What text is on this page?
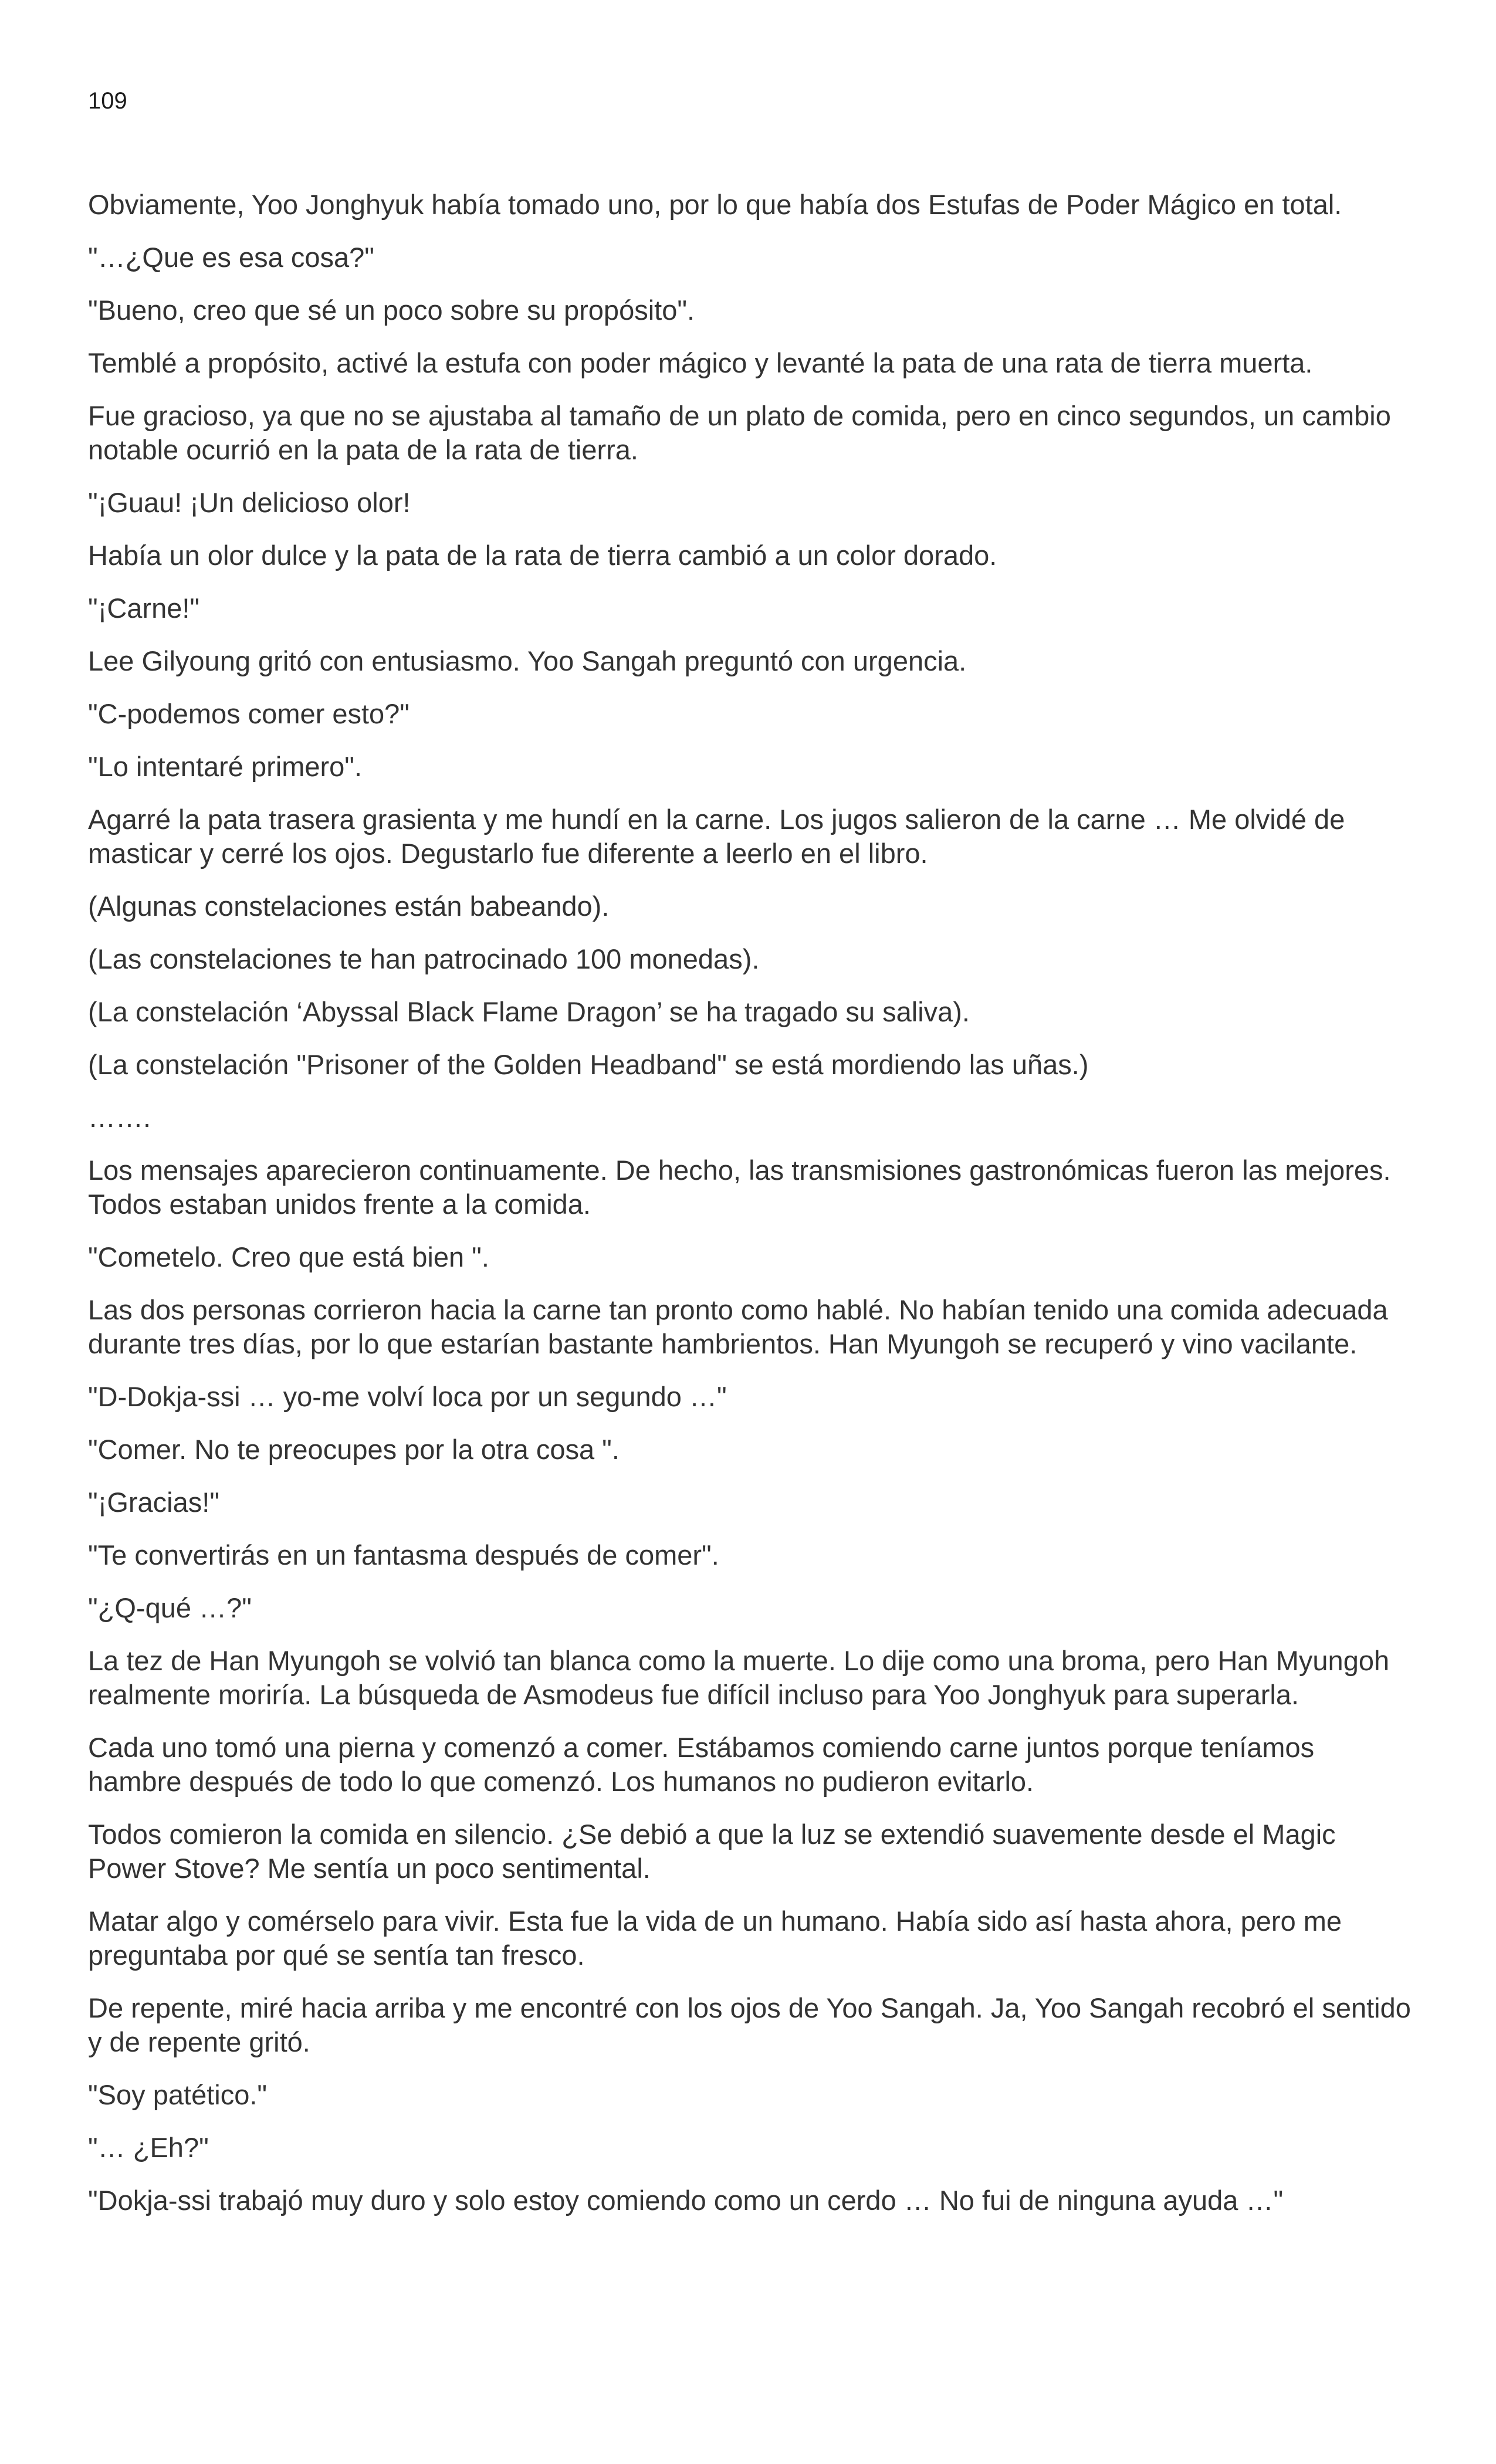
109

Obviamente, Yoo Jonghyuk había tomado uno, por lo que había dos Estufas de Poder Mágico en total.

"…¿Que es esa cosa?"

"Bueno, creo que sé un poco sobre su propósito".

Temblé a propósito, activé la estufa con poder mágico y levanté la pata de una rata de tierra muerta.

Fue gracioso, ya que no se ajustaba al tamaño de un plato de comida, pero en cinco segundos, un cambio notable ocurrió en la pata de la rata de tierra.

"¡Guau! ¡Un delicioso olor!

Había un olor dulce y la pata de la rata de tierra cambió a un color dorado.

"¡Carne!"

Lee Gilyoung gritó con entusiasmo. Yoo Sangah preguntó con urgencia.

"C-podemos comer esto?"

"Lo intentaré primero".

Agarré la pata trasera grasienta y me hundí en la carne. Los jugos salieron de la carne … Me olvidé de masticar y cerré los ojos. Degustarlo fue diferente a leerlo en el libro.

(Algunas constelaciones están babeando).

(Las constelaciones te han patrocinado 100 monedas).

(La constelación ‘Abyssal Black Flame Dragon’ se ha tragado su saliva).

(La constelación "Prisoner of the Golden Headband" se está mordiendo las uñas.)

…….

Los mensajes aparecieron continuamente. De hecho, las transmisiones gastronómicas fueron las mejores. Todos estaban unidos frente a la comida.

"Cometelo. Creo que está bien ".

Las dos personas corrieron hacia la carne tan pronto como hablé. No habían tenido una comida adecuada durante tres días, por lo que estarían bastante hambrientos. Han Myungoh se recuperó y vino vacilante.

"D-Dokja-ssi … yo-me volví loca por un segundo …"

"Comer. No te preocupes por la otra cosa ".

"¡Gracias!"

"Te convertirás en un fantasma después de comer".

"¿Q-qué …?"

La tez de Han Myungoh se volvió tan blanca como la muerte. Lo dije como una broma, pero Han Myungoh realmente moriría. La búsqueda de Asmodeus fue difícil incluso para Yoo Jonghyuk para superarla.

Cada uno tomó una pierna y comenzó a comer. Estábamos comiendo carne juntos porque teníamos hambre después de todo lo que comenzó. Los humanos no pudieron evitarlo.

Todos comieron la comida en silencio. ¿Se debió a que la luz se extendió suavemente desde el Magic Power Stove? Me sentía un poco sentimental.

Matar algo y comérselo para vivir. Esta fue la vida de un humano. Había sido así hasta ahora, pero me preguntaba por qué se sentía tan fresco.

De repente, miré hacia arriba y me encontré con los ojos de Yoo Sangah. Ja, Yoo Sangah recobró el sentido y de repente gritó.

"Soy patético."

"… ¿Eh?"

"Dokja-ssi trabajó muy duro y solo estoy comiendo como un cerdo … No fui de ninguna ayuda …"
